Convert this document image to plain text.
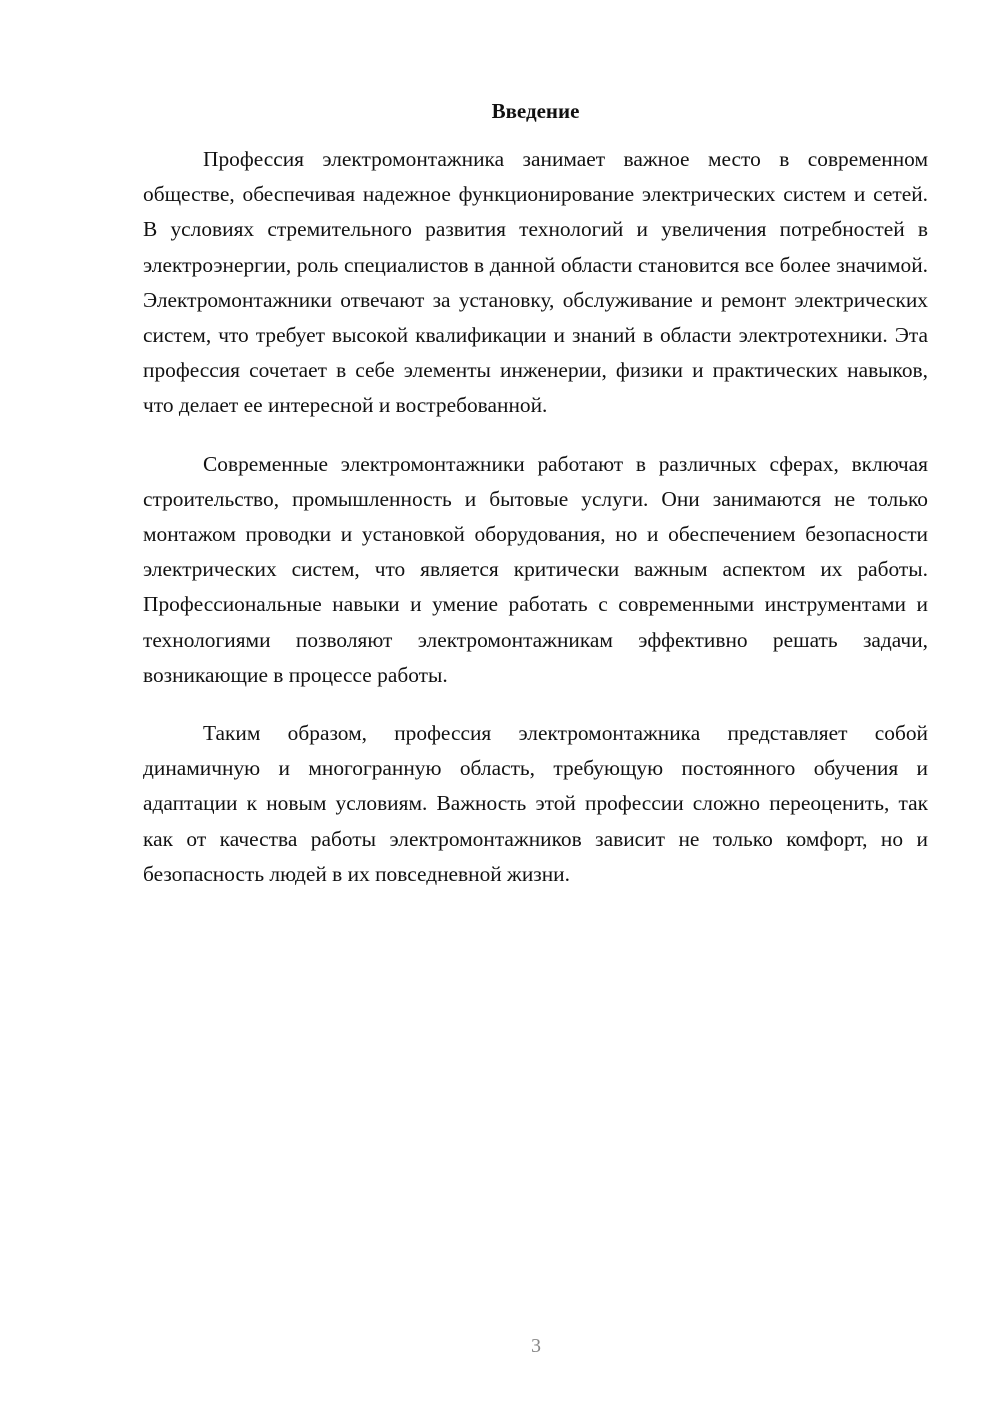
Введение

Профессия электромонтажника занимает важное место в современном обществе, обеспечивая надежное функционирование электрических систем и сетей. В условиях стремительного развития технологий и увеличения потребностей в электроэнергии, роль специалистов в данной области становится все более значимой. Электромонтажники отвечают за установку, обслуживание и ремонт электрических систем, что требует высокой квалификации и знаний в области электротехники. Эта профессия сочетает в себе элементы инженерии, физики и практических навыков, что делает ее интересной и востребованной.

Современные электромонтажники работают в различных сферах, включая строительство, промышленность и бытовые услуги. Они занимаются не только монтажом проводки и установкой оборудования, но и обеспечением безопасности электрических систем, что является критически важным аспектом их работы. Профессиональные навыки и умение работать с современными инструментами и технологиями позволяют электромонтажникам эффективно решать задачи, возникающие в процессе работы.

Таким образом, профессия электромонтажника представляет собой динамичную и многогранную область, требующую постоянного обучения и адаптации к новым условиям. Важность этой профессии сложно переоценить, так как от качества работы электромонтажников зависит не только комфорт, но и безопасность людей в их повседневной жизни.

3
